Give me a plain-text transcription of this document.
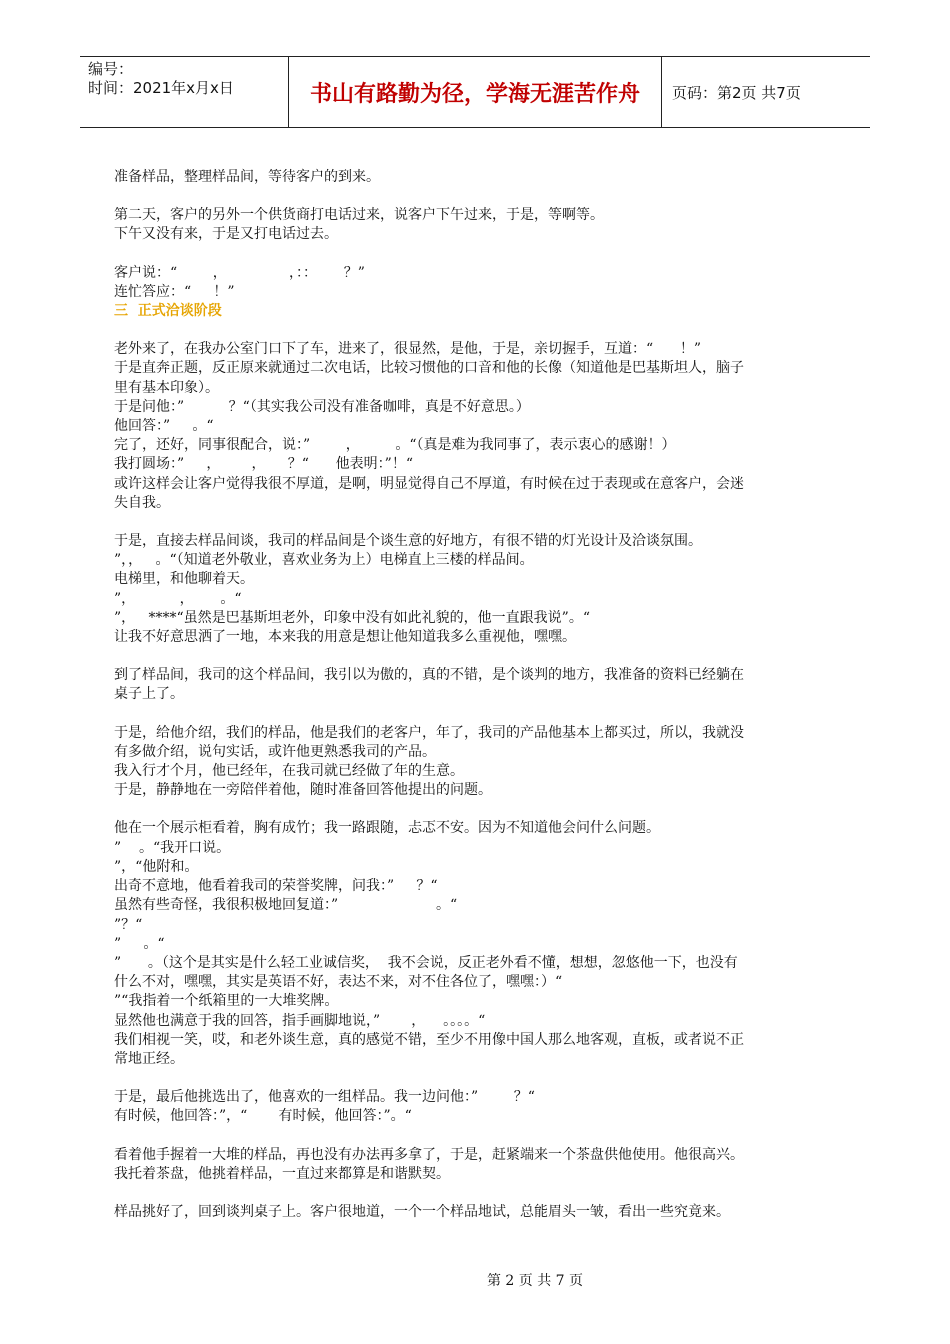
编号：
时间：2021年x月x日	书山有路勤为径，学海无涯苦作舟 页码：第2页 共7页

准备样品，整理样品间，等待客户的到来。

第二天，客户的另外一个供货商打电话过来，说客户下午过来，于是，等啊等。

下午又没有来，于是又打电话过去。

客户说：“        ，              ，：：      ？”

连忙答应：“     ！”

三  正式洽谈阶段

老外来了，在我办公室门口下了车，进来了，很显然，是他，于是，亲切握手，互道：“      ！”

于是直奔正题，反正原来就通过二次电话，比较习惯他的口音和他的长像（知道他是巴基斯坦人，脑子

里有基本印象）。

于是问他：”          ？“（其实我公司没有准备咖啡，真是不好意思。）

他回答：”     。“

完了，还好，同事很配合，说：”        ，        。“（真是难为我同事了，表示衷心的感谢！）

我打圆场：”     ，       ，     ？“      他表明：”！“

或许这样会让客户觉得我很不厚道，是啊，明显觉得自己不厚道，有时候在过于表现或在意客户，会迷

失自我。

于是，直接去样品间谈，我司的样品间是个谈生意的好地方，有很不错的灯光设计及洽谈氛围。

”，，   。“（知道老外敬业，喜欢业务为上）电梯直上三楼的样品间。

电梯里，和他聊着天。

”，          ，      。“

”，   ****“虽然是巴基斯坦老外，印象中没有如此礼貌的，他一直跟我说”。“

让我不好意思洒了一地，本来我的用意是想让他知道我多么重视他，嘿嘿。

到了样品间，我司的这个样品间，我引以为傲的，真的不错，是个谈判的地方，我准备的资料已经躺在

桌子上了。

于是，给他介绍，我们的样品，他是我们的老客户，年了，我司的产品他基本上都买过，所以，我就没

有多做介绍，说句实话，或许他更熟悉我司的产品。

我入行才个月，他已经年，在我司就已经做了年的生意。

于是，静静地在一旁陪伴着他，随时准备回答他提出的问题。

他在一个展示柜看着，胸有成竹；我一路跟随，忐忑不安。因为不知道他会问什么问题。

”    。“我开口说。

”，“他附和。

出奇不意地，他看着我司的荣誉奖牌，问我：”     ？“

虽然有些奇怪，我很积极地回复道：”                      。“

”？“

”     。“

”      。（这个是其实是什么轻工业诚信奖，  我不会说，反正老外看不懂，想想，忽悠他一下，也没有

什么不对，嘿嘿，其实是英语不好，表达不来，对不住各位了，嘿嘿：）“

”“我指着一个纸箱里的一大堆奖牌。

显然他也满意于我的回答，指手画脚地说，”       ，    。。。。“

我们相视一笑，哎，和老外谈生意，真的感觉不错，至少不用像中国人那么地客观，直板，或者说不正

常地正经。

于是，最后他挑选出了，他喜欢的一组样品。我一边问他：”        ？“

有时候，他回答：”，“       有时候，他回答：”。“

看着他手握着一大堆的样品，再也没有办法再多拿了，于是，赶紧端来一个茶盘供他使用。他很高兴。

我托着茶盘，他挑着样品，一直过来都算是和谐默契。

样品挑好了，回到谈判桌子上。客户很地道，一个一个样品地试，总能眉头一皱，看出一些究竟来。

第 2 页 共 7 页
